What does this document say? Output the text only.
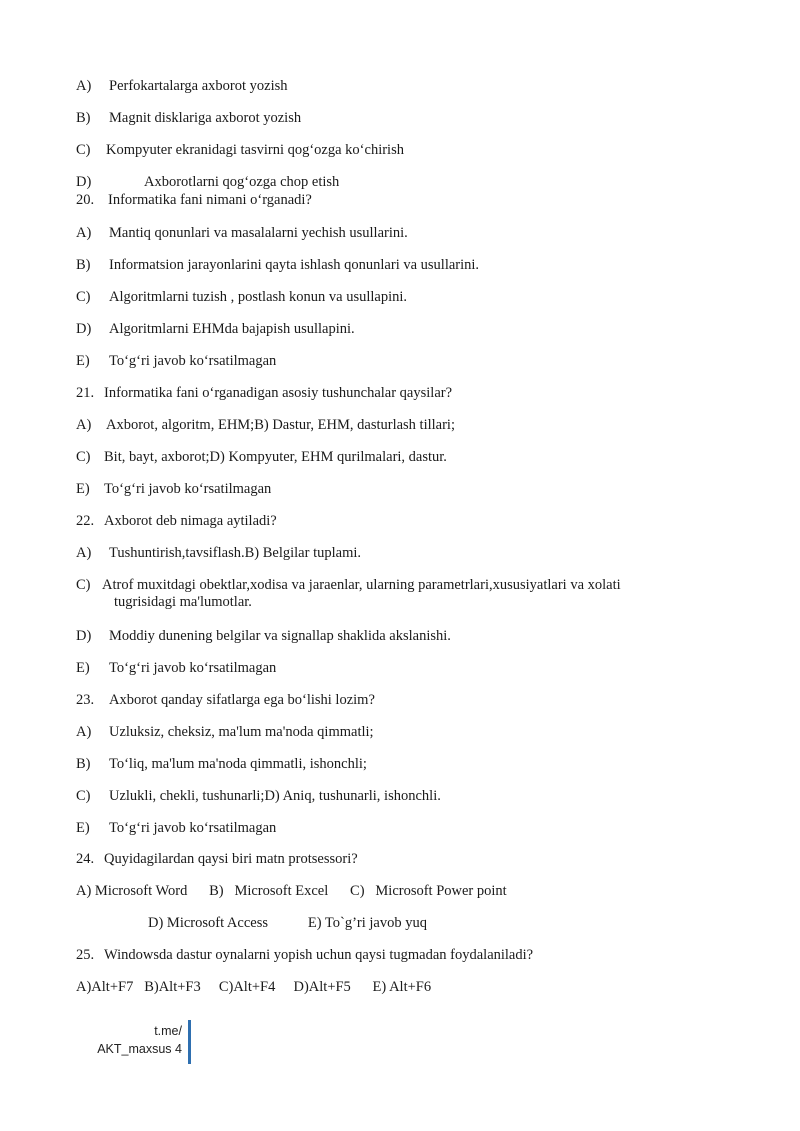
A) Perfokartalarga axborot yozish
B) Magnit disklariga axborot yozish
C) Kompyuter ekranidagi tasvirni qog‘ozga ko‘chirish
D)	Axborotlarni qog‘ozga chop etish
20. Informatika fani nimani o‘rganadi?
A) Mantiq qonunlari va masalalarni yechish usullarini.
B) Informatsion jarayonlarini qayta ishlash qonunlari va usullarini.
C) Algoritmlarni tuzish , postlash konun va usullapini.
D) Algoritmlarni EHMda bajapish usullapini.
E) To‘g‘ri javob ko‘rsatilmagan
21. Informatika fani o‘rganadigan asosiy tushunchalar qaysilar?
A) Axborot, algoritm, EHM;B) Dastur, EHM, dasturlash tillari;
C) Bit, bayt, axborot;D) Kompyuter, EHM qurilmalari, dastur.
E) To‘g‘ri javob ko‘rsatilmagan
22. Axborot deb nimaga aytiladi?
A) Tushuntirish,tavsiflash.B) Belgilar tuplami.
C) Atrof muxitdagi obektlar,xodisa va jaraenlar, ularning parametrlari,xususiyatlari va xolati
tugrisidagi ma'lumotlar.
D) Moddiy dunening belgilar va signallap shaklida akslanishi.
E) To‘g‘ri javob ko‘rsatilmagan
23. Axborot qanday sifatlarga ega bo‘lishi lozim?
A) Uzluksiz, cheksiz, ma'lum ma'noda qimmatli;
B) To‘liq, ma'lum ma'noda qimmatli, ishonchli;
C) Uzlukli, chekli, tushunarli;D) Aniq, tushunarli, ishonchli.
E) To‘g‘ri javob ko‘rsatilmagan
24. Quyidagilardan qaysi biri matn protsessori?
A) Microsoft Word      B)   Microsoft Excel      C)   Microsoft Power point
D) Microsoft Access           E) To`g’ri javob yuq
25. Windowsda dastur oynalarni yopish uchun qaysi tugmadan foydalaniladi?
A)Alt+F7   B)Alt+F3     C)Alt+F4     D)Alt+F5      E) Alt+F6
t.me/
AKT_maxsus 4
